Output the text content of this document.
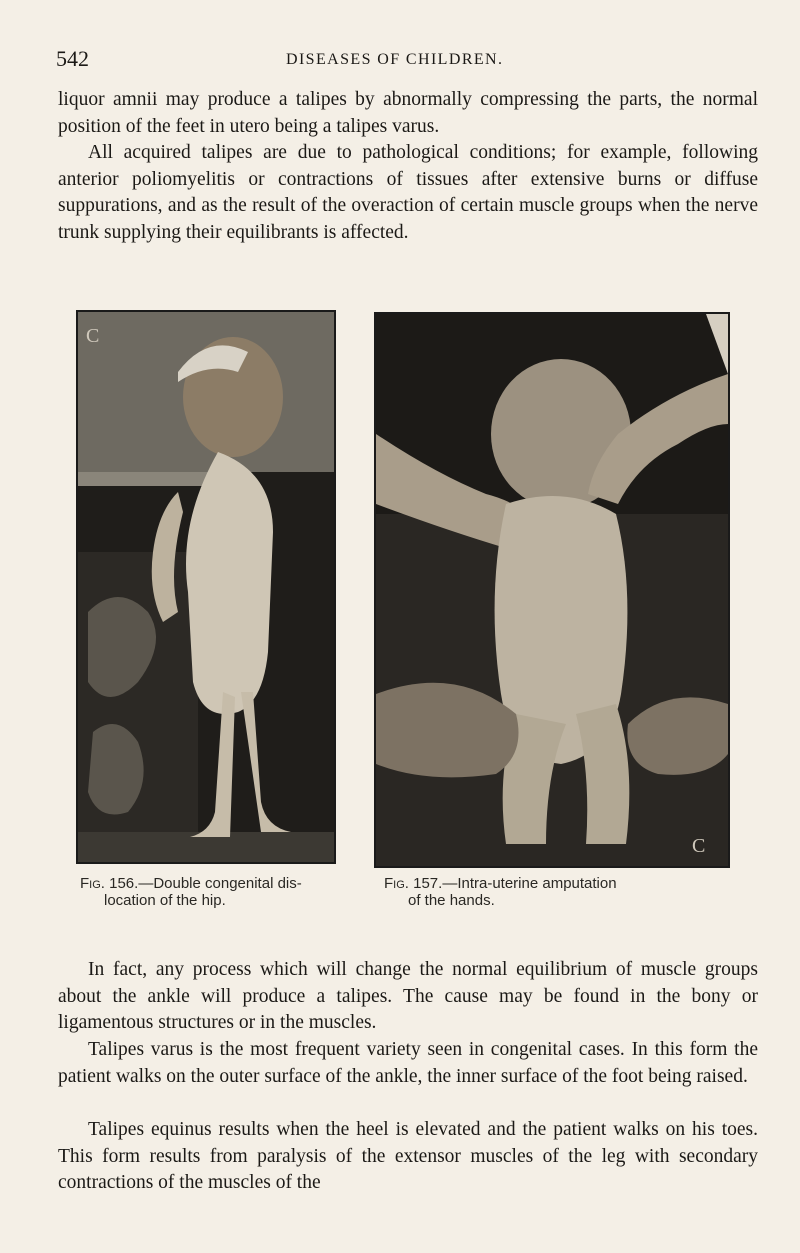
542	DISEASES OF CHILDREN.

liquor amnii may produce a talipes by abnormally compressing the parts, the normal position of the feet in utero being a talipes varus.

All acquired talipes are due to pathological conditions; for example, following anterior poliomyelitis or contractions of tissues after extensive burns or diffuse suppurations, and as the result of the overaction of certain muscle groups when the nerve trunk supplying their equilibrants is affected.

C
C
Fig. 156.—Double congenital dis-
location of the hip.
Fig. 157.—Intra-uterine amputation
of the hands.

In fact, any process which will change the normal equilibrium of muscle groups about the ankle will produce a talipes. The cause may be found in the bony or ligamentous structures or in the muscles.

Talipes varus is the most frequent variety seen in congenital cases. In this form the patient walks on the outer surface of the ankle, the inner surface of the foot being raised.

Talipes equinus results when the heel is elevated and the patient walks on his toes. This form results from paralysis of the extensor muscles of the leg with secondary contractions of the muscles of the
